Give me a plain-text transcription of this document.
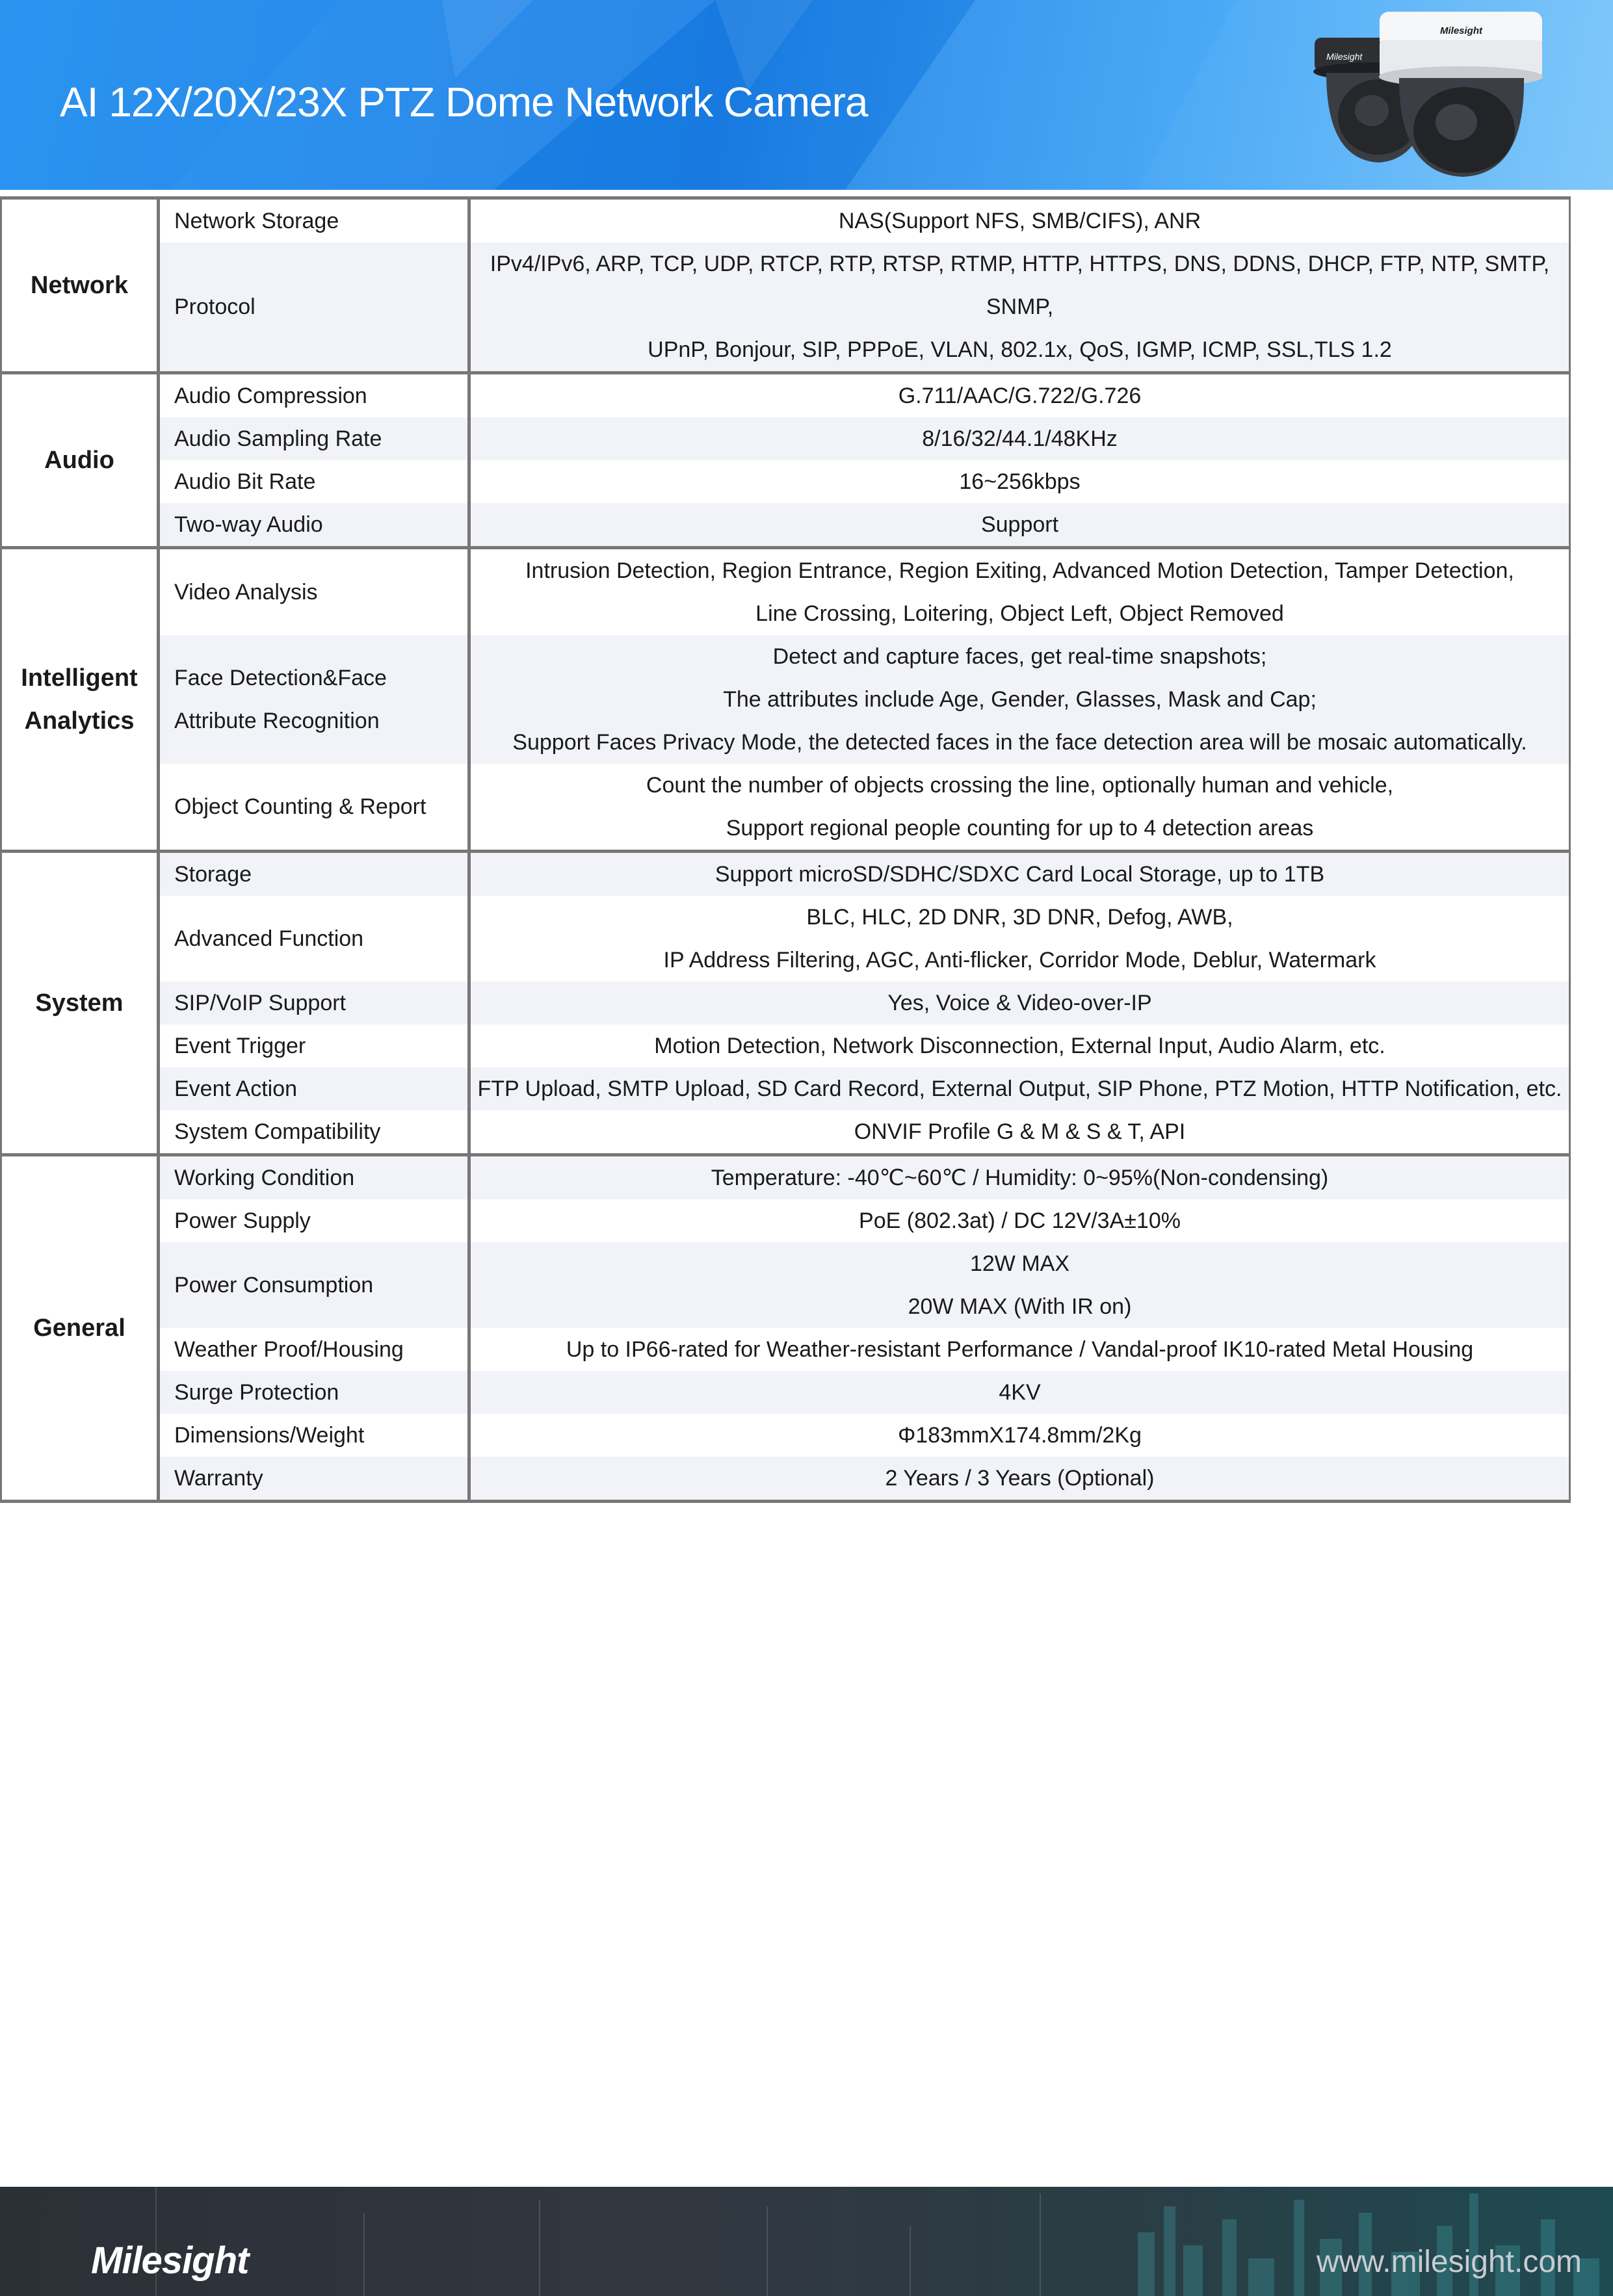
AI 12X/20X/23X PTZ Dome Network Camera
Milesight
Milesight
Network	Network Storage	NAS(Support NFS, SMB/CIFS), ANR

	Protocol	IPv4/IPv6, ARP, TCP, UDP, RTCP, RTP, RTSP, RTMP, HTTP, HTTPS, DNS, DDNS, DHCP, FTP, NTP, SMTP, SNMP,
UPnP, Bonjour, SIP, PPPoE, VLAN, 802.1x, QoS, IGMP, ICMP, SSL,TLS 1.2

Audio	Audio Compression	G.711/AAC/G.722/G.726

	Audio Sampling Rate	8/16/32/44.1/48KHz

	Audio Bit Rate	16~256kbps

	Two-way Audio	Support

Intelligent
Analytics	Video Analysis	Intrusion Detection, Region Entrance, Region Exiting, Advanced Motion Detection, Tamper Detection,
Line Crossing, Loitering, Object Left, Object Removed

	Face Detection&Face
Attribute Recognition	Detect and capture faces, get real-time snapshots;
The attributes include Age, Gender, Glasses, Mask and Cap;
Support Faces Privacy Mode, the detected faces in the face detection area will be mosaic automatically.

	Object Counting & Report	Count the number of objects crossing the line, optionally human and vehicle,
Support regional people counting for up to 4 detection areas

System	Storage	Support microSD/SDHC/SDXC Card Local Storage, up to 1TB

	Advanced Function	BLC, HLC, 2D DNR, 3D DNR, Defog, AWB,
IP Address Filtering, AGC, Anti-flicker, Corridor Mode, Deblur, Watermark

	SIP/VoIP Support	Yes, Voice & Video-over-IP

	Event Trigger	Motion Detection, Network Disconnection, External Input, Audio Alarm, etc.

	Event Action	FTP Upload, SMTP Upload, SD Card Record, External Output, SIP Phone, PTZ Motion, HTTP Notification, etc.

	System Compatibility	ONVIF Profile G & M & S & T, API

General	Working Condition	Temperature: -40℃~60℃ / Humidity: 0~95%(Non-condensing)

	Power Supply	PoE (802.3at) / DC 12V/3A±10%

	Power Consumption	12W MAX
20W MAX (With IR on)

	Weather Proof/Housing	Up to IP66-rated for Weather-resistant Performance / Vandal-proof IK10-rated Metal Housing

	Surge Protection	4KV

	Dimensions/Weight	Φ183mmX174.8mm/2Kg

	Warranty	2 Years / 3 Years (Optional)
Milesight	www.milesight.com
